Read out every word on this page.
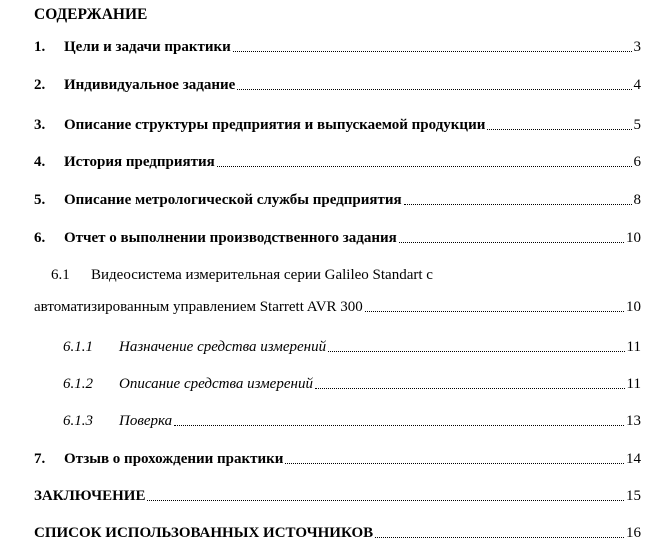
СОДЕРЖАНИЕ
1.	Цели и задачи практики	3
2.	Индивидуальное задание	4
3.	Описание структуры предприятия и выпускаемой продукции	5
4.	История предприятия	6
5.	Описание метрологической службы предприятия	8
6.	Отчет о выполнении производственного задания	10
6.1 Видеосистема измерительная серии Galileo Standart с
автоматизированным управлением Starrett AVR 300	10
6.1.1	Назначение средства измерений	11
6.1.2	Описание средства измерений	11
6.1.3	Поверка	13
7.	Отзыв о прохождении практики	14
ЗАКЛЮЧЕНИЕ	15
СПИСОК ИСПОЛЬЗОВАННЫХ ИСТОЧНИКОВ	16
